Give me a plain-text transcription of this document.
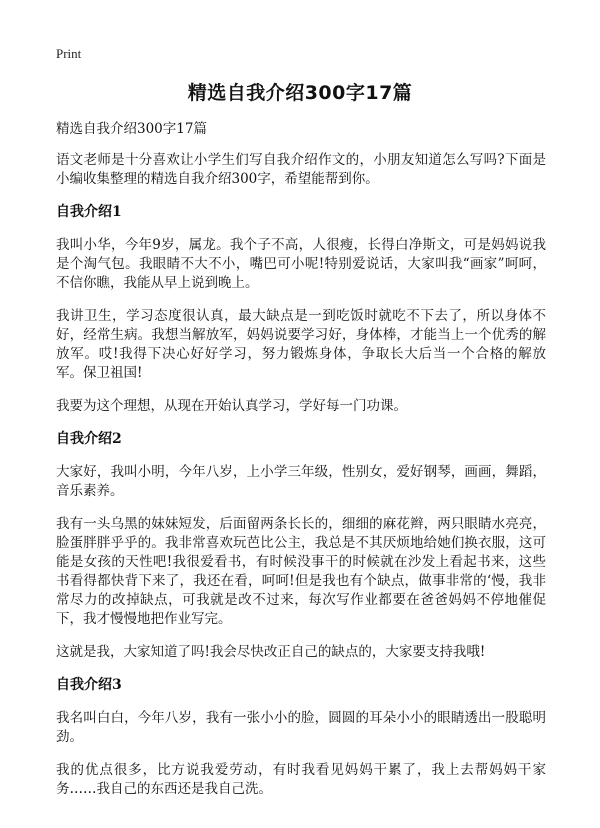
Print
精选自我介绍300字17篇

精选自我介绍300字17篇

语文老师是十分喜欢让小学生们写自我介绍作文的，小朋友知道怎么写吗?下面是小编收集整理的精选自我介绍300字，希望能帮到你。

自我介绍1

我叫小华，今年9岁，属龙。我个子不高，人很瘦，长得白净斯文，可是妈妈说我是个淘气包。我眼睛不大不小，嘴巴可小呢!特别爱说话，大家叫我“画家”呵呵，不信你瞧，我能从早上说到晚上。

我讲卫生，学习态度很认真，最大缺点是一到吃饭时就吃不下去了，所以身体不好，经常生病。我想当解放军，妈妈说要学习好，身体棒，才能当上一个优秀的解放军。哎!我得下决心好好学习，努力锻炼身体，争取长大后当一个合格的解放军。保卫祖国!

我要为这个理想，从现在开始认真学习，学好每一门功课。

自我介绍2

大家好，我叫小明，今年八岁，上小学三年级，性别女，爱好钢琴，画画，舞蹈，音乐素养。

我有一头乌黑的妹妹短发，后面留两条长长的，细细的麻花辫，两只眼睛水亮亮，脸蛋胖胖乎乎的。我非常喜欢玩芭比公主，我总是不其厌烦地给她们换衣服，这可能是女孩的天性吧!我很爱看书，有时候没事干的时候就在沙发上看起书来，这些书看得都快背下来了，我还在看，呵呵!但是我也有个缺点，做事非常的‘慢，我非常尽力的改掉缺点，可我就是改不过来，每次写作业都要在爸爸妈妈不停地催促下，我才慢慢地把作业写完。

这就是我，大家知道了吗!我会尽快改正自己的缺点的，大家要支持我哦!

自我介绍3

我名叫白白，今年八岁，我有一张小小的脸，圆圆的耳朵小小的眼睛透出一股聪明劲。

我的优点很多，比方说我爱劳动，有时我看见妈妈干累了，我上去帮妈妈干家务……我自己的东西还是我自己洗。
